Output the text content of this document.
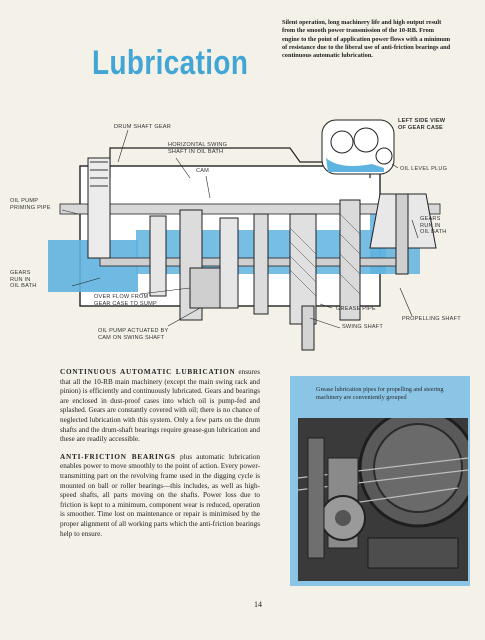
Lubrication
Silent operation, long machinery life and high output result from the smooth power transmission of the 10-RB. From engine to the point of application power flows with a minimum of resistance due to the liberal use of anti-friction bearings and continuous automatic lubrication.
DRUM SHAFT GEAR
HORIZONTAL SWING
SHAFT IN OIL BATH
CAM
OIL PUMP
PRIMING PIPE
GEARS
RUN IN
OIL BATH
OVER FLOW FROM
GEAR CASE TO SUMP
OIL PUMP ACTUATED BY
CAM ON SWING SHAFT
GREASE PIPE
SWING SHAFT
PROPELLING SHAFT
LEFT SIDE VIEW
OF GEAR CASE
OIL LEVEL PLUG
GEARS
RUN IN
OIL BATH

CONTINUOUS AUTOMATIC LUBRICATION ensures that all the 10-RB main machinery (except the main swing rack and pinion) is efficiently and continuously lubricated. Gears and bearings are enclosed in dust-proof cases into which oil is pump-fed and splashed. Gears are constantly covered with oil; there is no chance of neglected lubrication with this system. Only a few parts on the drum shafts and the drum-shaft bearings require grease-gun lubrication and these are readily accessible.

ANTI-FRICTION BEARINGS plus automatic lubrication enables power to move smoothly to the point of action. Every power-transmitting part on the revolving frame used in the digging cycle is mounted on ball or roller bearings—this includes, as well as high-speed shafts, all parts moving on the shafts. Power loss due to friction is kept to a minimum, component wear is reduced, operation is smoother. Time lost on maintenance or repair is minimised by the proper alignment of all working parts which the anti-friction bearings help to ensure.

Grease lubrication pipes for propelling and steering machinery are conveniently grouped
14
